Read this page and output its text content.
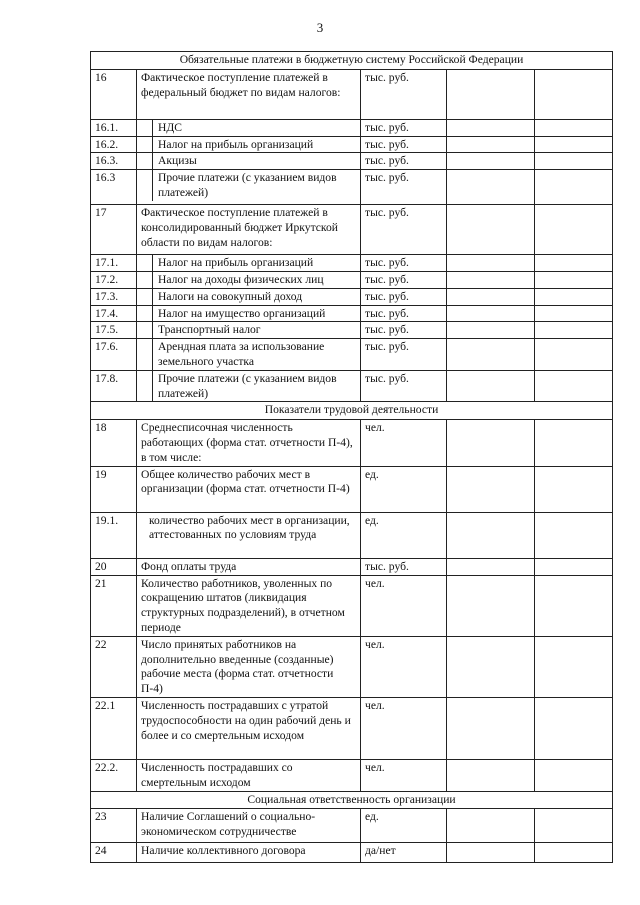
3
Обязательные платежи в бюджетную систему Российской Федерации				
16	Фактическое поступление платежей в федеральный бюджет по видам налогов:	тыс. руб.		
16.1.	НДС	тыс. руб.		
16.2.	Налог на прибыль организаций	тыс. руб.		
16.3.	Акцизы	тыс. руб.		
16.3	Прочие платежи (с указанием видов платежей)	тыс. руб.		
17	Фактическое поступление платежей в консолидированный бюджет Иркутской области по видам налогов:	тыс. руб.		
17.1.	Налог на прибыль организаций	тыс. руб.		
17.2.	Налог на доходы физических лиц	тыс. руб.		
17.3.	Налоги на совокупный доход	тыс. руб.		
17.4.	Налог на имущество организаций	тыс. руб.		
17.5.	Транспортный налог	тыс. руб.		
17.6.	Арендная плата за использование земельного участка	тыс. руб.		
17.8.	Прочие платежи (с указанием видов платежей)	тыс. руб.		
Показатели трудовой деятельности				
18	Среднесписочная численность работающих (форма стат. отчетности П-4), в том числе:	чел.		
19	Общее количество рабочих мест в организации (форма стат. отчетности П-4)	ед.		
19.1.	количество рабочих мест в организации, аттестованных по условиям труда	ед.		
20	Фонд оплаты труда	тыс. руб.		
21	Количество работников, уволенных по сокращению штатов (ликвидация структурных подразделений), в отчетном периоде	чел.		
22	Число принятых работников на дополнительно введенные (созданные) рабочие места (форма стат. отчетности П-4)	чел.		
22.1	Численность пострадавших с утратой трудоспособности на один рабочий день и более и со смертельным исходом	чел.		
22.2.	Численность пострадавших со смертельным исходом	чел.		
Социальная ответственность организации				
23	Наличие Соглашений о социально-экономическом сотрудничестве	ед.		
24	Наличие коллективного договора	да/нет		
